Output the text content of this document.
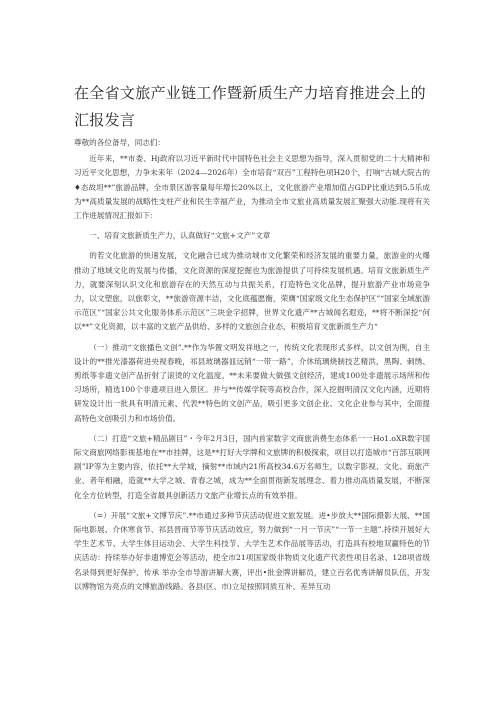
在全省文旅产业链工作暨新质生产力培育推进会上的汇报发言

尊敬的各位备导，同志们：

近年来，**市委、Hj政府以习近平新时代中国特色社会主义思想为指导，深入贯彻党的二十大精神和习近平文化思想，力争未来年（2024—2026年）全市培育“双百”工程特色项H20个，打响“古城大院古的♦态故坦**”旅游品牌，全市景区游客量每年增长20%以上，文化旅游产业增加值占GDP比重达到5.5乐成为**高质量发展的战略性支柱产业和民生幸福产业，为推动全市文旅业高质量发展汇聚强大动能.现将有关工作进展情况汇报如下：

一、培育文旅新质生产力，认真做好“文旅+文产”文章

的若文化旅游的快速发展，文化融合已成为推动城市文化繁荣和经济发展的重要力量，旅游业的火爆推动了地域文化的发展与传播，文化资源的深度挖掘也为旅游提供了可持续发展机遇。培育文旅新质生产力，就要深刻认识文化和旅游存在的天然互动与共振关系，打造特色文化品牌，提升旅游产业市场竞争力，以文塑旅，以旅彰文，**旅游资源丰洁，文化底蕴愿衡，荣膺“国家级文化生态保护区”“国家全域旅游示范区”“国家公共文化服务体系示范区”三块金字招牌，世界文化遗产**古城闻名遐迩，**将不断深挖“何以**”文化资源，以丰富的文旅产品供给、多样的文旅创合业态，积极培育文旅新质生产力“

（一）推动“文旅播色文创”.**作为华置文明发祥地之一，传统文化表现形式多样，以文创为例，自主设计的**推光漆器荷进央视春晚，祁县玻璃器皿远销“一带一路”，介休琉璃烧制技艺精洪，黑陶、刺绣、剪纸等非遗文创产品折射了滚烫的文化温度。**未来要做大做强文创经济，建成100处非遗展示场所和传习场所，精选100个非遗项目进入景区。并与**传媒学院等高校合作，深入挖掘明清汉文化内涵，近期将研发设计出一批具有明清元素、代表**特色的文创产品，吸引更多文创企业、文化企业参与其中，全面提高特色文创吸引力和市场价值。

（二）打造“文旅+精品剧目”・今年2月3日，国内首家数字文商旅消费生态体系一一Ho1.oXR数字国际文商旅网络影视基地在**市挂牌，这是**打好大学牌和文旅牌的积极探索，项目以打造城市“百部互联网剧”IP等为主要内容，依托**大学城，摘射**市域内21所高校34.6万名师生，以数字影视、文化、商旅产业、者年相融，造就**大学之城、青春之城，成为**全面贯彻新发展理念、着力推动高质量发展，不断深化全方位转型，打造全省最具创新活力文旅产业增长点的有效举措。

（=）开展“文旅+文博节庆”.**市通过多种节庆活动促进文旅发展。进•步放大**国际摄影大展、**国际电影展、介休寒食节、祁县晋商节等节庆活动效应，努力做到“一月一节庆”“一节一主题”.持续开展好大学生艺术节、大学生体目运动会、大学生科技节、大学生艺术作品展等活动，打造具有校地双赢特色的节庆活动：持续举办好非遗博览会等活动，使全市21项国家级非物质文化遗产代表性项目名录、128项省级名录得到更好保护、传承 举办全市导游讲解大赛，评出•批金牌讲解员，建立百名优秀讲解员队伍，开发以博物馆为亮点的文博旅游线路。各县(区、市)立足按照同质互补、差异互动
